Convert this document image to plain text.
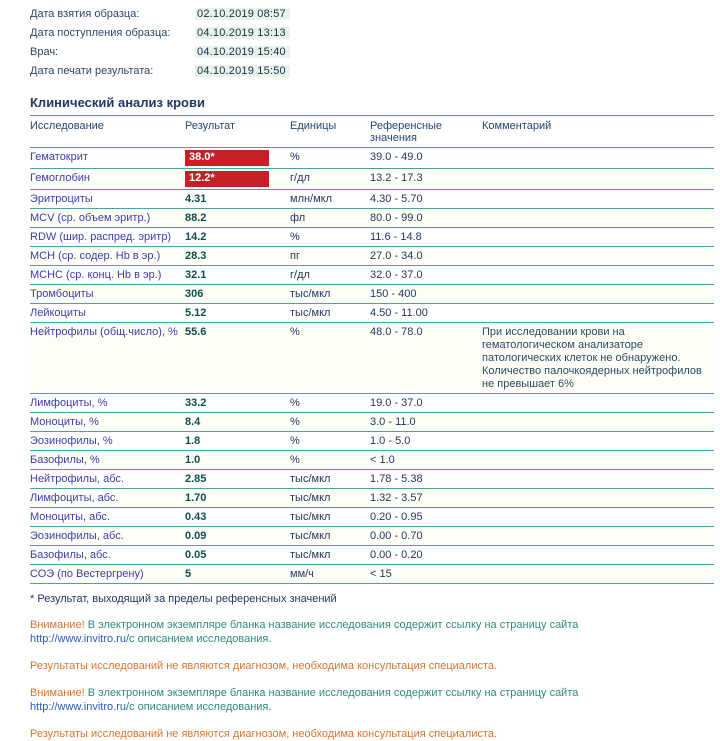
Дата взятия образца:	02.10.2019 08:57
Дата поступления образца:	04.10.2019 13:13
Врач:	04.10.2019 15:40
Дата печати результата:	04.10.2019 15:50
Клинический анализ крови
Исследование	Результат	Единицы	Референсные значения	Комментарий
Гематокрит	38.0*	%	39.0 - 49.0	
Гемоглобин	12.2*	г/дл	13.2 - 17.3	
Эритроциты	4.31	млн/мкл	4.30 - 5.70	
MCV (ср. объем эритр.)	88.2	фл	80.0 - 99.0	
RDW (шир. распред. эритр)	14.2	%	11.6 - 14.8	
MCH (ср. содер. Hb в эр.)	28.3	пг	27.0 - 34.0	
MCHC (ср. конц. Hb в эр.)	32.1	г/дл	32.0 - 37.0	
Тромбоциты	306	тыс/мкл	150 - 400	
Лейкоциты	5.12	тыс/мкл	4.50 - 11.00	
Нейтрофилы (общ.число), %	55.6	%	48.0 - 78.0	При исследовании крови на гематологическом анализаторе патологических клеток не обнаружено. Количество палочкоядерных нейтрофилов не превышает 6%
Лимфоциты, %	33.2	%	19.0 - 37.0	
Моноциты, %	8.4	%	3.0 - 11.0	
Эозинофилы, %	1.8	%	1.0 - 5.0	
Базофилы, %	1.0	%	< 1.0	
Нейтрофилы, абс.	2.85	тыс/мкл	1.78 - 5.38	
Лимфоциты, абс.	1.70	тыс/мкл	1.32 - 3.57	
Моноциты, абс.	0.43	тыс/мкл	0.20 - 0.95	
Эозинофилы, абс.	0.09	тыс/мкл	0.00 - 0.70	
Базофилы, абс.	0.05	тыс/мкл	0.00 - 0.20	
СОЭ (по Вестергрену)	5	мм/ч	< 15	
* Результат, выходящий за пределы референсных значений

Внимание! В электронном экземпляре бланка название исследования содержит ссылку на страницу сайта
http://www.invitro.ru/с описанием исследования.

Результаты исследований не являются диагнозом, необходима консультация специалиста.

Внимание! В электронном экземпляре бланка название исследования содержит ссылку на страницу сайта
http://www.invitro.ru/с описанием исследования.

Результаты исследований не являются диагнозом, необходима консультация специалиста.
